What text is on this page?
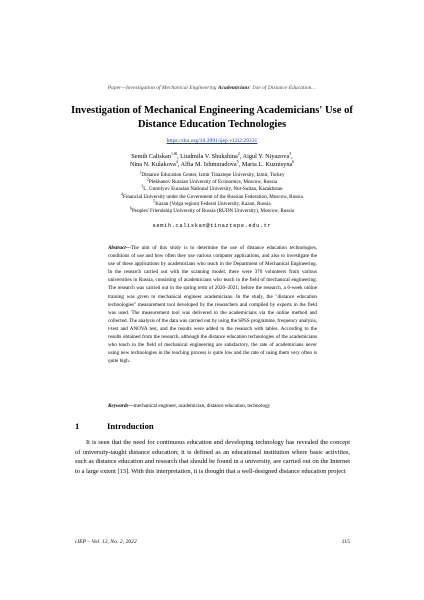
Paper—Investigation of Mechanical Engineering Academicians' Use of Distance Education…
Investigation of Mechanical Engineering Academicians' Use of Distance Education Technologies
https://doi.org/10.3991/ijep.v12i2.29331
Semih Caliskan$^{1,✉}$, Liudmila V. Shukshina$^2$, Aigul Y. Niyazova$^3$,
Nina N. Kulakova$^4$, Alfia M. Ishmuradova$^5$, Maria L. Kuznisyna$^6$
$^1$Distance Education Center, Izmir Tinaztepe University, Izmir, Turkey
$^2$Plekhanov Russian University of Economics, Moscow, Russia
$^3$L. Gumilyov Eurasian National University, Nur-Sultan, Kazakhstan
$^4$Financial University under the Government of the Russian Federation, Moscow, Russia
$^5$Kazan (Volga region) Federal University, Kazan, Russia
$^6$Peoples' Friendship University of Russia (RUDN University), Moscow, Russia
semih.caliskan@tinaztepe.edu.tr

Abstract—The aim of this study is to determine the use of distance education technologies, conditions of use and how often they use various computer applications, and also to investigate the use of these applications by academicians who teach in the Department of Mechanical Engineering. In the research carried out with the scanning model, there were 370 volunteers from various universities in Russia, consisting of academicians who teach in the field of mechanical engineering. The research was carried out in the spring term of 2020–2021; before the research, a 6-week online training was given to mechanical engineer academicians. In the study, the "distance education technologies" measurement tool developed by the researchers and compiled by experts in the field was used. The measurement tool was delivered to the academicians via the online method and collected. The analysis of the data was carried out by using the SPSS programme, frequency analysis, t-test and ANOVA test, and the results were added to the research with tables. According to the results obtained from the research, although the distance education technologies of the academicians who teach in the field of mechanical engineering are satisfactory, the rate of academicians never using new technologies in the teaching process is quite low and the rate of using them very often is quite high.

Keywords—mechanical engineer, academician, distance education, technology

1	Introduction

It is seen that the need for continuous education and developing technology has revealed the concept of university-taught distance education; it is defined as an educational institution where basic activities, such as distance education and research that should be found in a university, are carried out on the Internet to a large extent [13]. With this interpretation, it is thought that a well-designed distance education project

iJEP ‒ Vol. 12, No. 2, 2022	115
